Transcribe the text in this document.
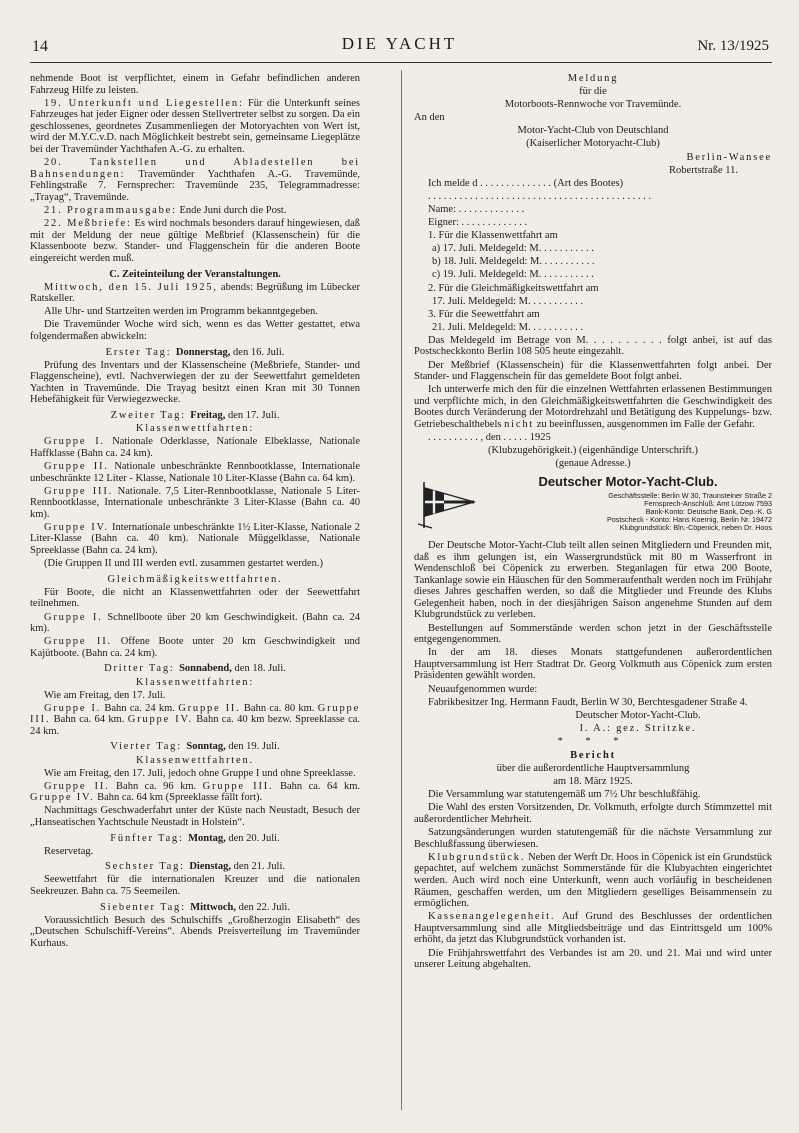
14	DIE YACHT	Nr. 13/1925

nehmende Boot ist verpflichtet, einem in Gefahr befindlichen anderen Fahrzeug Hilfe zu leisten.

19. Unterkunft und Liegestellen: Für die Unterkunft seines Fahrzeuges hat jeder Eigner oder dessen Stellvertreter selbst zu sorgen. Da ein geschlossenes, geordnetes Zusammenliegen der Motoryachten von Wert ist, wird der M.Y.C.v.D. nach Möglichkeit bestrebt sein, gemeinsame Liegeplätze bei der Travemünder Yachthafen A.-G. zu erhalten.

20. Tankstellen und Abladestellen bei Bahnsendungen: Travemünder Yachthafen A.-G. Travemünde, Fehlingstraße 7. Fernsprecher: Travemünde 235, Telegrammadresse: „Trayag“, Travemünde.

21. Programmausgabe: Ende Juni durch die Post.

22. Meßbriefe: Es wird nochmals besonders darauf hingewiesen, daß mit der Meldung der neue gültige Meßbrief (Klassenschein) für die Klassenboote bezw. Stander- und Flaggenschein für die anderen Boote eingereicht werden muß.

C. Zeiteinteilung der Veranstaltungen.

Mittwoch, den 15. Juli 1925, abends: Begrüßung im Lübecker Ratskeller.

Alle Uhr- und Startzeiten werden im Programm bekanntgegeben.

Die Travemünder Woche wird sich, wenn es das Wetter gestattet, etwa folgendermaßen abwickeln:

Erster Tag: Donnerstag, den 16. Juli.

Prüfung des Inventars und der Klassenscheine (Meßbriefe, Stander- und Flaggenscheine), evtl. Nachverwiegen der zu der Seewettfahrt gemeldeten Yachten in Travemünde. Die Trayag besitzt einen Kran mit 30 Tonnen Hebefähigkeit für Verwiegezwecke.

Zweiter Tag: Freitag, den 17. Juli.

Klassenwettfahrten:

Gruppe I. Nationale Oderklasse, Nationale Elbeklasse, Nationale Haffklasse (Bahn ca. 24 km).

Gruppe II. Nationale unbeschränkte Rennbootklasse, Internationale unbeschränkte 12 Liter - Klasse, Nationale 10 Liter-Klasse (Bahn ca. 64 km).

Gruppe III. Nationale. 7,5 Liter-Rennbootklasse, Nationale 5 Liter-Rennbootklasse, Internationale unbeschränkte 3 Liter-Klasse (Bahn ca. 40 km).

Gruppe IV. Internationale unbeschränkte 1½ Liter-Klasse, Nationale 2 Liter-Klasse (Bahn ca. 40 km). Nationale Müggelklasse, Nationale Spreeklasse (Bahn ca. 24 km).

(Die Gruppen II und III werden evtl. zusammen gestartet werden.)

Gleichmäßigkeitswettfahrten.

Für Boote, die nicht an Klassenwettfahrten oder der Seewettfahrt teilnehmen.

Gruppe I. Schnellboote über 20 km Geschwindigkeit. (Bahn ca. 24 km).

Gruppe II. Offene Boote unter 20 km Geschwindigkeit und Kajütboote. (Bahn ca. 24 km).

Dritter Tag: Sonnabend, den 18. Juli.

Klassenwettfahrten:

Wie am Freitag, den 17. Juli.

Gruppe I. Bahn ca. 24 km. Gruppe II. Bahn ca. 80 km. Gruppe III. Bahn ca. 64 km. Gruppe IV. Bahn ca. 40 km bezw. Spreeklasse ca. 24 km.

Vierter Tag: Sonntag, den 19. Juli.

Klassenwettfahrten.

Wie am Freitag, den 17. Juli, jedoch ohne Gruppe I und ohne Spreeklasse.

Gruppe II. Bahn ca. 96 km. Gruppe III. Bahn ca. 64 km. Gruppe IV. Bahn ca. 64 km (Spreeklasse fällt fort).

Nachmittags Geschwaderfahrt unter der Küste nach Neustadt, Besuch der „Hanseatischen Yachtschule Neustadt in Holstein“.

Fünfter Tag: Montag, den 20. Juli.

Reservetag.

Sechster Tag: Dienstag, den 21. Juli.

Seewettfahrt für die internationalen Kreuzer und die nationalen Seekreuzer. Bahn ca. 75 Seemeilen.

Siebenter Tag: Mittwoch, den 22. Juli.

Voraussichtlich Besuch des Schulschiffs „Großherzogin Elisabeth“ des „Deutschen Schulschiff-Vereins“. Abends Preisverteilung im Travemünder Kurhaus.

Meldung

für die

Motorboots-Rennwoche vor Travemünde.

An den

Motor-Yacht-Club von Deutschland

(Kaiserlicher Motoryacht-Club)

Berlin-Wansee

Robertstraße 11.

Ich melde d . . . . . . . . . . . . . . (Art des Bootes)

. . . . . . . . . . . . . . . . . . . . . . . . . . . . . . . . . . . . . . . . . . .

Name: . . . . . . . . . . . . .

Eigner: . . . . . . . . . . . . .

1. Für die Klassenwettfahrt am

a) 17. Juli. Meldegeld: M. . . . . . . . . . .

b) 18. Juli. Meldegeld: M. . . . . . . . . . .

c) 19. Juli. Meldegeld: M. . . . . . . . . . .

2. Für die Gleichmäßigkeitswettfahrt am

17. Juli. Meldegeld: M. . . . . . . . . . .

3. Für die Seewettfahrt am

21. Juli. Meldegeld: M. . . . . . . . . . .

Das Meldegeld im Betrage von M. . . . . . . . . . folgt anbei, ist auf das Postscheckkonto Berlin 108 505 heute eingezahlt.

Der Meßbrief (Klassenschein) für die Klassenwettfahrten folgt anbei. Der Stander- und Flaggenschein für das gemeldete Boot folgt anbei.

Ich unterwerfe mich den für die einzelnen Wettfahrten erlassenen Bestimmungen und verpflichte mich, in den Gleichmäßigkeitswettfahrten die Geschwindigkeit des Bootes durch Veränderung der Motordrehzahl und Betätigung des Kuppelungs- bzw. Getriebeschalthebels nicht zu beeinflussen, ausgenommen im Falle der Gefahr.

. . . . . . . . . . , den . . . . . 1925

(Klubzugehörigkeit.) (eigenhändige Unterschrift.)

(genaue Adresse.)

Deutscher Motor-Yacht-Club.
Geschäftsstelle: Berlin W 30, Traunsteiner Straße 2
Fernsprech-Anschluß: Amt Lützow 7593
Bank-Konto: Deutsche Bank, Dep.-K. G
Postscheck - Konto: Hans Koernig, Berlin Nr. 19472
Klubgrundstück: Bln.-Cöpenick, neben Dr. Hoos

Der Deutsche Motor-Yacht-Club teilt allen seinen Mitgliedern und Freunden mit, daß es ihm gelungen ist, ein Wassergrundstück mit 80 m Wasserfront in Wendenschloß bei Cöpenick zu erwerben. Steganlagen für etwa 200 Boote, Tankanlage sowie ein Häuschen für den Sommeraufenthalt werden noch im Frühjahr dieses Jahres geschaffen werden, so daß die Mitglieder und Freunde des Klubs Gelegenheit haben, noch in der diesjährigen Saison angenehme Stunden auf dem Klubgrundstück zu verleben.

Bestellungen auf Sommerstände werden schon jetzt in der Geschäftsstelle entgegengenommen.

In der am 18. dieses Monats stattgefundenen außerordentlichen Hauptversammlung ist Herr Stadtrat Dr. Georg Volkmuth aus Cöpenick zum ersten Präsidenten gewählt worden.

Neuaufgenommen wurde:

Fabrikbesitzer Ing. Hermann Faudt, Berlin W 30, Berchtesgadener Straße 4.

Deutscher Motor-Yacht-Club.

I. A.: gez. Stritzke.

* * *

Bericht

über die außerordentliche Hauptversammlung

am 18. März 1925.

Die Versammlung war statutengemäß um 7½ Uhr beschlußfähig.

Die Wahl des ersten Vorsitzenden, Dr. Volkmuth, erfolgte durch Stimmzettel mit außerordentlicher Mehrheit.

Satzungsänderungen wurden statutengemäß für die nächste Versammlung zur Beschlußfassung überwiesen.

Klubgrundstück. Neben der Werft Dr. Hoos in Cöpenick ist ein Grundstück gepachtet, auf welchem zunächst Sommerstände für die Klubyachten eingerichtet werden. Auch wird noch eine Unterkunft, wenn auch vorläufig in bescheidenen Räumen, geschaffen werden, um den Mitgliedern geselliges Beisammensein zu ermöglichen.

Kassenangelegenheit. Auf Grund des Beschlusses der ordentlichen Hauptversammlung sind alle Mitgliedsbeiträge und das Eintrittsgeld um 100% erhöht, da jetzt das Klubgrundstück vorhanden ist.

Die Frühjahrswettfahrt des Verbandes ist am 20. und 21. Mai und wird unter unserer Leitung abgehalten.
